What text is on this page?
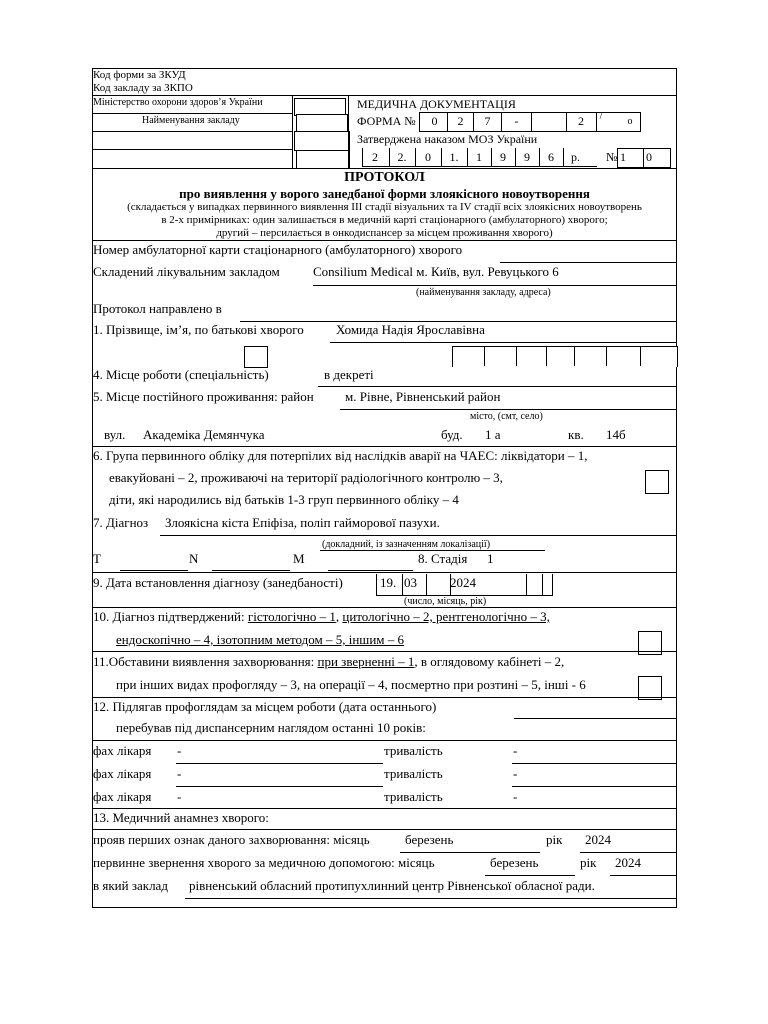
Код форми за ЗКУД
Код закладу за ЗКПО
Міністерство охорони здоров’я України
Найменування закладу
МЕДИЧНА ДОКУМЕНТАЦІЯ
ФОРМА №	0	2	7	-	2	/	о
Затверджена наказом МОЗ України
2	2.	0	1.	1	9	9	6	р. № 1 0
ПРОТОКОЛ
про виявлення у ворого занедбаної форми злоякісного новоутворення
(складається у випадках первинного виявлення ІІІ стадії візуальних та IV стадії всіх злоякісних новоутворень
в 2-х примірниках: один залишається в медичній карті стаціонарного (амбулаторного) хворого;
другий – персилається в онкодиспансер за місцем проживання хворого)
Номер амбулаторної карти стаціонарного (амбулаторного) хворого
Складений лікувальним закладом	Consilium Medical м. Київ, вул. Ревуцького 6
(найменування закладу, адреса)
Протокол направлено в
1. Прізвище, ім’я, по батькові хворого Хомида Надія Ярославівна
4. Місце роботи (спеціальність)	в декреті
5. Місце постійного проживання: район м. Рівне, Рівненський район
місто, (смт, село)
вул. Академіка Демянчука	буд. 1 а	кв. 14б
6. Група первинного обліку для потерпілих від наслідків аварії на ЧАЕС: ліквідатори – 1,
евакуйовані – 2, проживаючі на території радіологічного контролю – 3,
діти, які народились від батьків 1-3 груп первинного обліку – 4
7. Діагноз Злоякісна кіста Епіфіза, поліп гайморової пазухи.
(докладний, із зазначенням локалізації)
Т	N	М	8. Стадія 1
9. Дата встановлення діагнозу (занедбаності)	19. 03	2024
(число, місяць, рік)
10. Діагноз підтверджений: гістологічно – 1, цитологічно – 2, рентгенологічно – 3,
ендоскопічно – 4, ізотопним методом – 5, іншим – 6
11.Обставини виявлення захворювання: при зверненні – 1, в оглядовому кабінеті – 2,
при інших видах профогляду – 3, на операції – 4, посмертно при розтині – 5, інші - 6
12. Підлягав профоглядам за місцем роботи (дата останнього)
перебував під диспансерним наглядом останні 10 років:
фах лікаря -	тривалість	-
фах лікаря -	тривалість	-
фах лікаря -	тривалість	-
13. Медичний анамнез хворого:
прояв перших ознак даного захворювання: місяць	березень	рік 2024
первинне звернення хворого за медичною допомогою: місяць	березень	рік 2024
в який заклад рівненський обласний протипухлинний центр Рівненської обласної ради.
